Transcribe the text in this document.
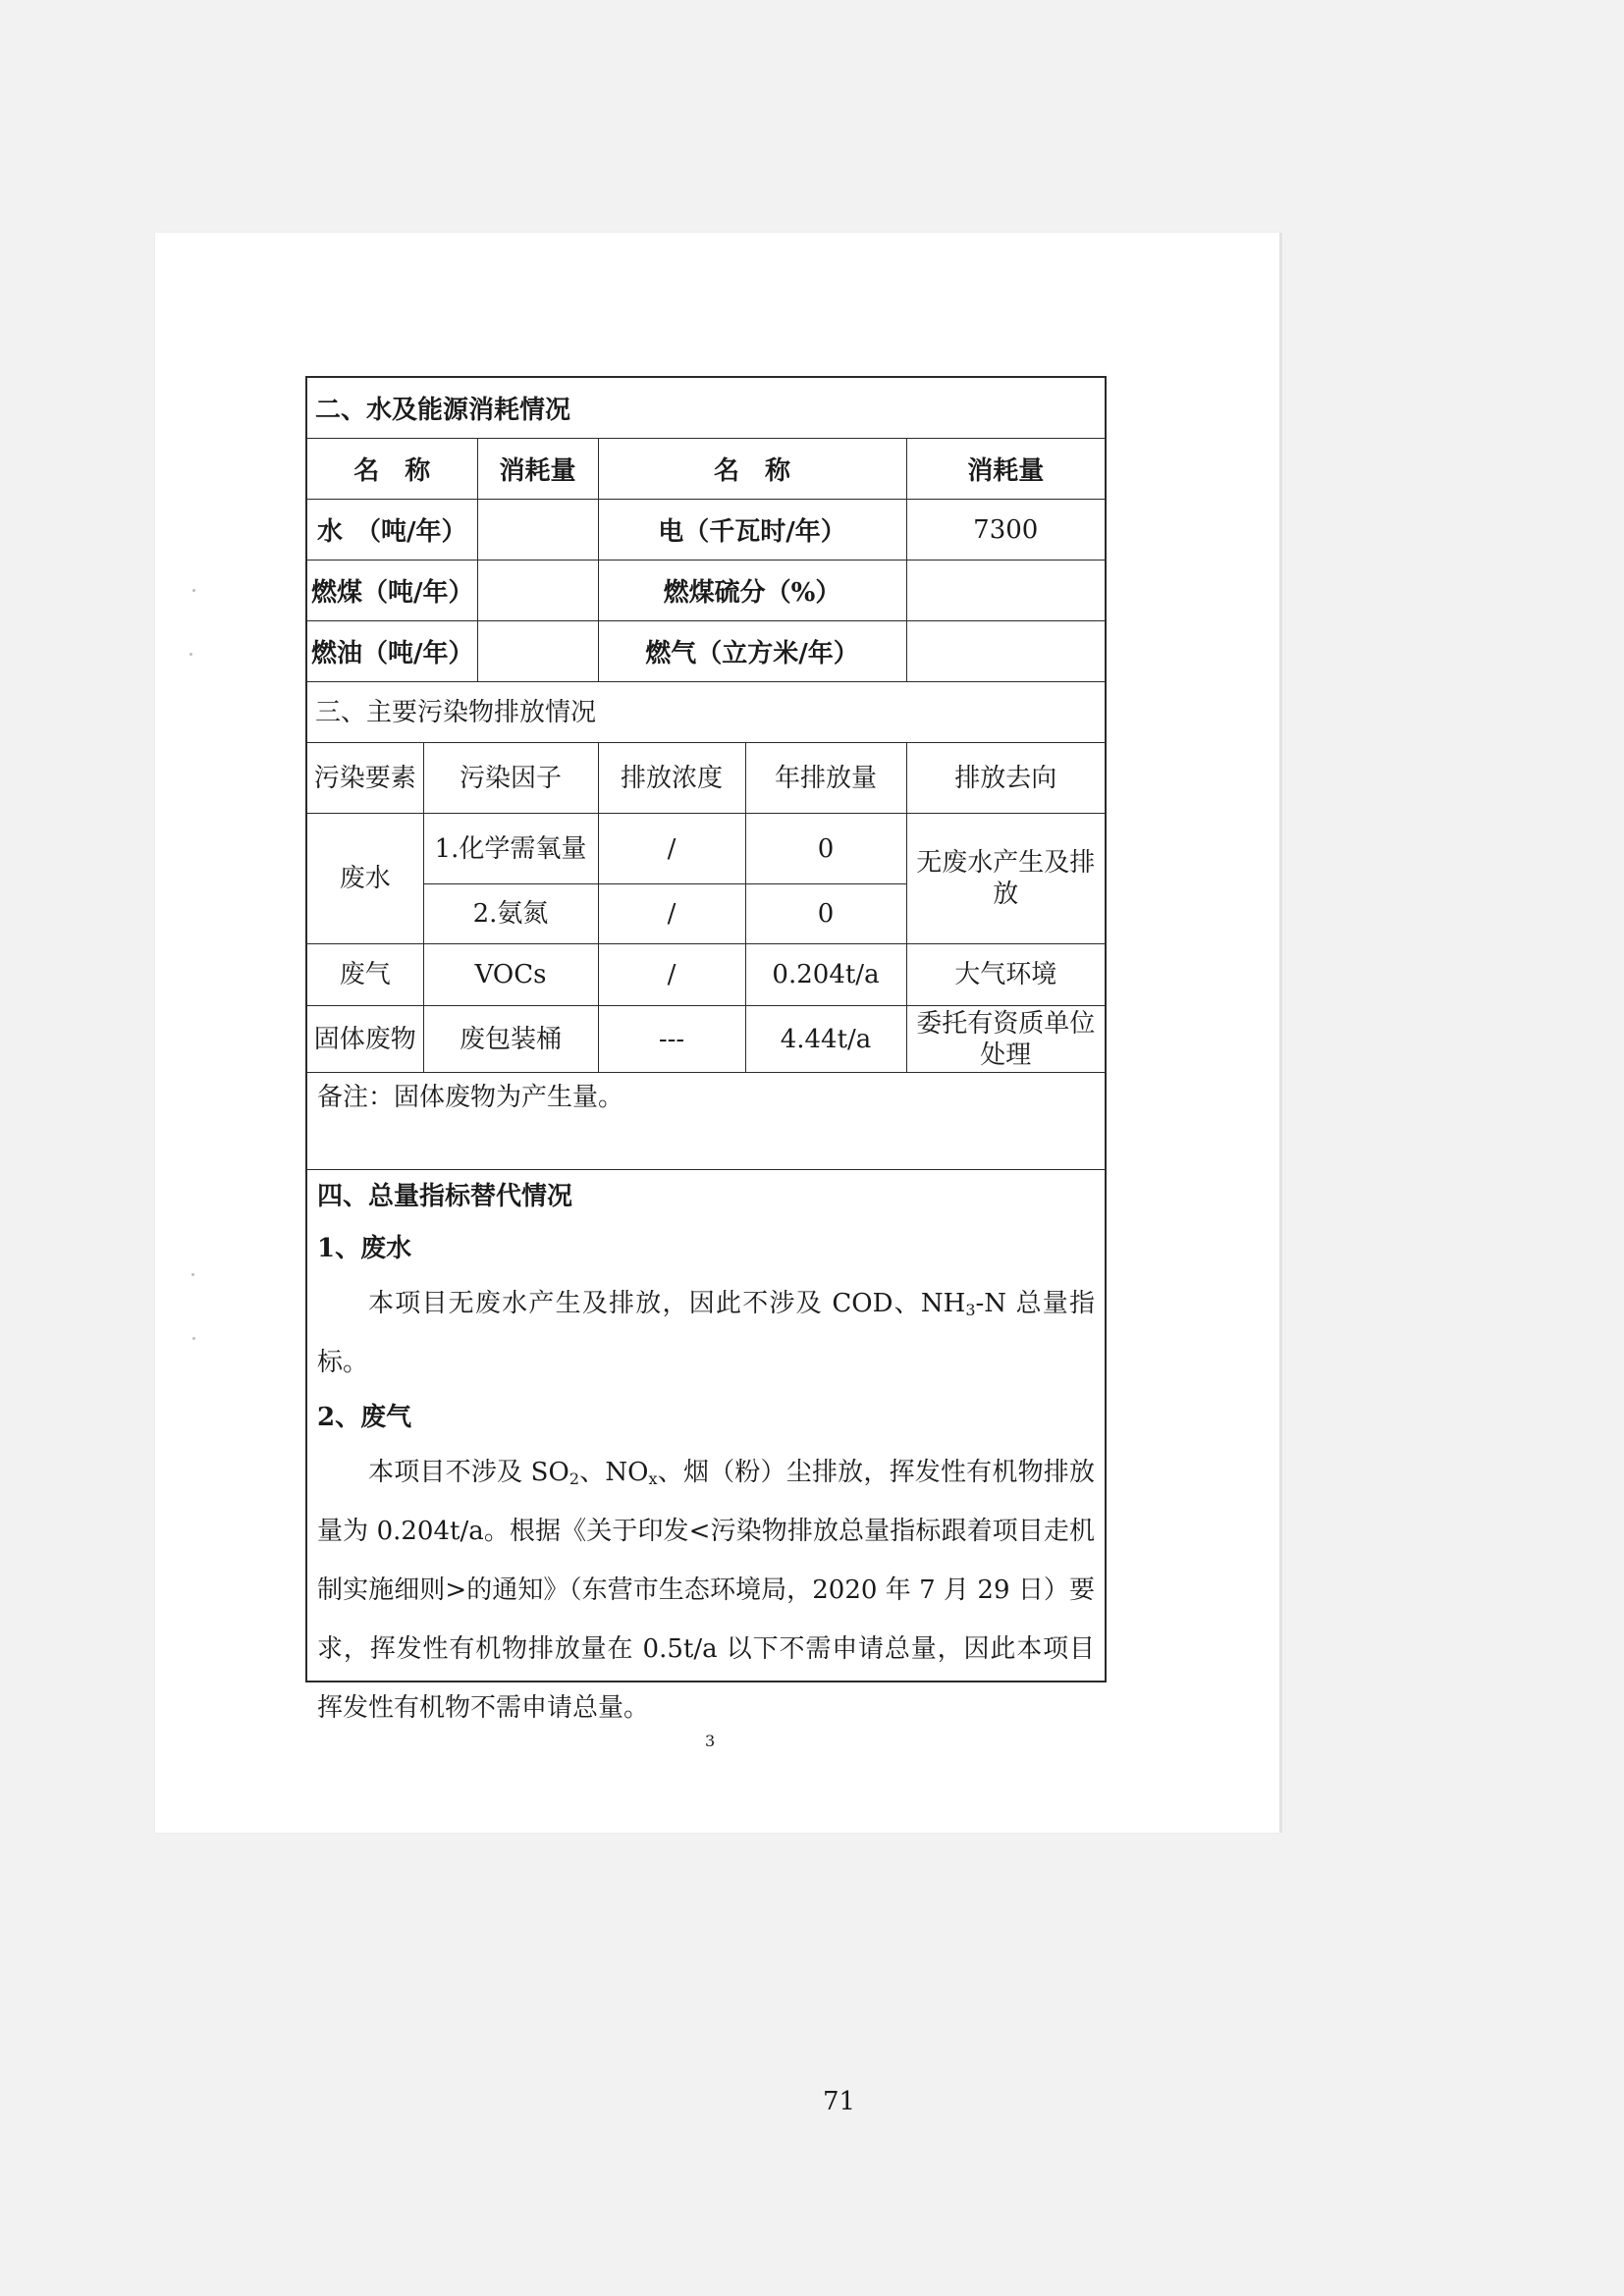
二、水及能源消耗情况			
名　称	消耗量	名　称	消耗量
水　（吨/年）		电（千瓦时/年）	7300
燃煤（吨/年）		燃煤硫分（%）	
燃油（吨/年）		燃气（立方米/年）	
三、主要污染物排放情况				
污染要素	污染因子	排放浓度	年排放量	排放去向
废水	1.化学需氧量	/	0	无废水产生及排放
	2.氨氮	/	0	
废气	VOCs	/	0.204t/a	大气环境
固体废物	废包装桶	---	4.44t/a	委托有资质单位处理
备注：固体废物为产生量。

四、总量指标替代情况

1、废水

本项目无废水产生及排放，因此不涉及 COD、$NH_3-N$ 总量指标。

2、废气

本项目不涉及 $SO_2$、$NO_x$、烟（粉）尘排放，挥发性有机物排放量为 0.204t/a。根据《关于印发<污染物排放总量指标跟着项目走机制实施细则>的通知》（东营市生态环境局，2020 年 7 月 29 日）要求，挥发性有机物排放量在 0.5t/a 以下不需申请总量，因此本项目挥发性有机物不需申请总量。

3
71
